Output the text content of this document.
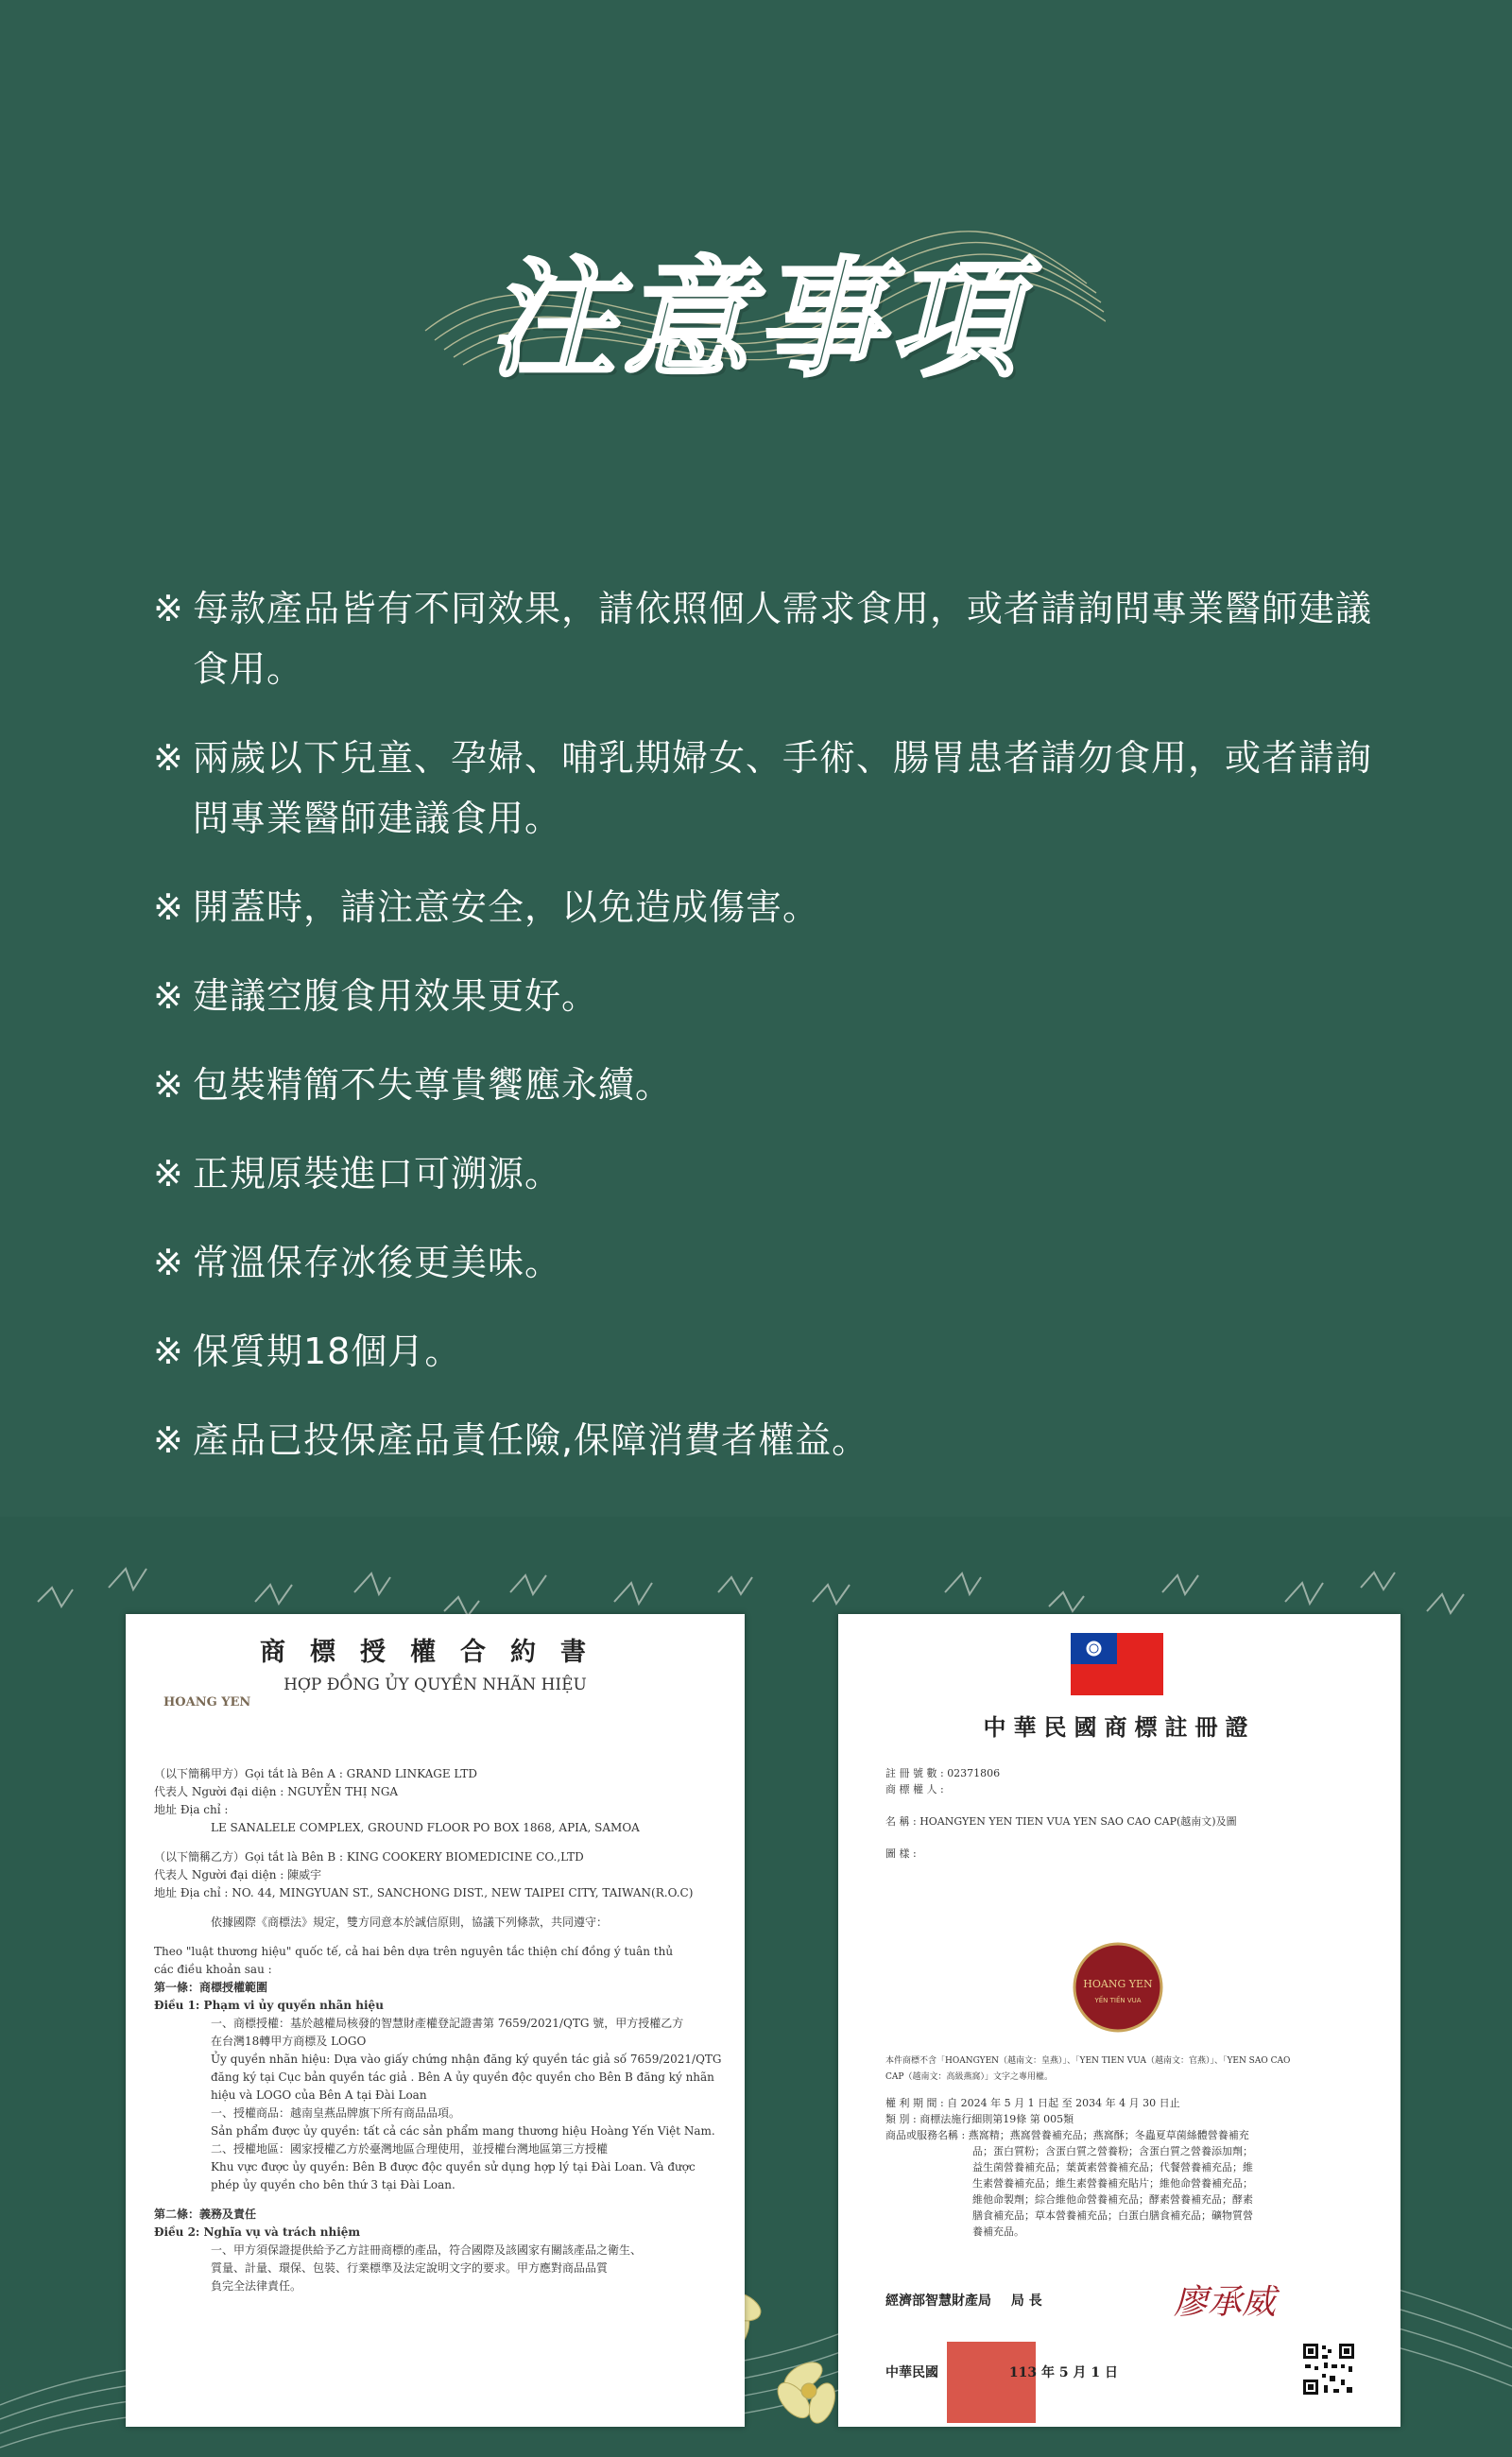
注意事項
※ 每款產品皆有不同效果，請依照個人需求食用，或者請詢問專業醫師建議食用。
※ 兩歲以下兒童、孕婦、哺乳期婦女、手術、腸胃患者請勿食用，或者請詢問專業醫師建議食用。
※ 開蓋時，請注意安全，以免造成傷害。
※ 建議空腹食用效果更好。
※ 包裝精簡不失尊貴饗應永續。
※ 正規原裝進口可溯源。
※ 常溫保存冰後更美味。
※ 保質期18個月。
※ 產品已投保產品責任險,保障消費者權益。
商標授權合約書
HỢP ĐỒNG ỦY QUYỀN NHÃN HIỆU
HOANG YEN

（以下簡稱甲方）Gọi tắt là Bên A : GRAND LINKAGE LTD

代表人 Người đại diện : NGUYỄN THỊ NGA

地址 Địa chỉ :

LE SANALELE COMPLEX, GROUND FLOOR PO BOX 1868, APIA, SAMOA

（以下簡稱乙方）Gọi tắt là Bên B : KING COOKERY BIOMEDICINE CO.,LTD

代表人 Người đại diện : 陳威宇

地址 Địa chỉ : NO. 44, MINGYUAN ST., SANCHONG DIST., NEW TAIPEI CITY, TAIWAN(R.O.C)

依據國際《商標法》規定，雙方同意本於誠信原則，協議下列條款，共同遵守：

Theo "luật thương hiệu" quốc tế, cả hai bên dựa trên nguyên tắc thiện chí đồng ý tuân thủ

các điều khoản sau :

第一條：商標授權範圍

Điều 1: Phạm vi ủy quyền nhãn hiệu

一、商標授權：基於越權局核發的智慧財產權登記證書第 7659/2021/QTG 號，甲方授權乙方

在台灣18轉甲方商標及 LOGO

Ủy quyền nhãn hiệu: Dựa vào giấy chứng nhận đăng ký quyền tác giả số 7659/2021/QTG

đăng ký tại Cục bản quyền tác giả . Bên A ủy quyền độc quyền cho Bên B đăng ký nhãn

hiệu và LOGO của Bên A tại Đài Loan

一、授權商品：越南皇燕品牌旗下所有商品品項。

Sản phẩm được ủy quyền: tất cả các sản phẩm mang thương hiệu Hoàng Yến Việt Nam.

二、授權地區：國家授權乙方於臺灣地區合理使用，並授權台灣地區第三方授權

Khu vực được ủy quyền: Bên B được độc quyền sử dụng hợp lý tại Đài Loan. Và được

phép ủy quyền cho bên thứ 3 tại Đài Loan.

第二條：義務及責任

Điều 2: Nghĩa vụ và trách nhiệm

一、甲方須保證提供給予乙方註冊商標的產品，符合國際及該國家有關該產品之衛生、

質量、計量、環保、包裝、行業標準及法定說明文字的要求。甲方應對商品品質

負完全法律責任。

中華民國商標註冊證

註 冊 號 數 : 02371806

商 標 權 人 :

名 稱 : HOANGYEN YEN TIEN VUA YEN SAO CAO CAP(越南文)及圖

圖 樣 :

HOANG YEN
YẾN TIẾN VUA

本件商標不含「HOANGYEN（越南文：皇燕）」、「YEN TIEN VUA（越南文：官燕）」、「YEN SAO CAO

CAP（越南文：高級燕窩）」文字之專用權。

權 利 期 間 : 自 2024 年 5 月 1 日起 至 2034 年 4 月 30 日止

類 別 : 商標法施行細則第19條 第 005類

商品或服務名稱 : 燕窩精；燕窩營養補充品；燕窩酥；冬蟲夏草菌絲體營養補充

品；蛋白質粉；含蛋白質之營養粉；含蛋白質之營養添加劑；

益生菌營養補充品；葉黃素營養補充品；代餐營養補充品；維

生素營養補充品；維生素營養補充貼片；維他命營養補充品；

維他命製劑；綜合維他命營養補充品；酵素營養補充品；酵素

膳食補充品；草本營養補充品；白蛋白膳食補充品；礦物質營

養補充品。

經濟部智慧財產局 局 長	廖承威
中華民國	113 年 5 月 1 日
